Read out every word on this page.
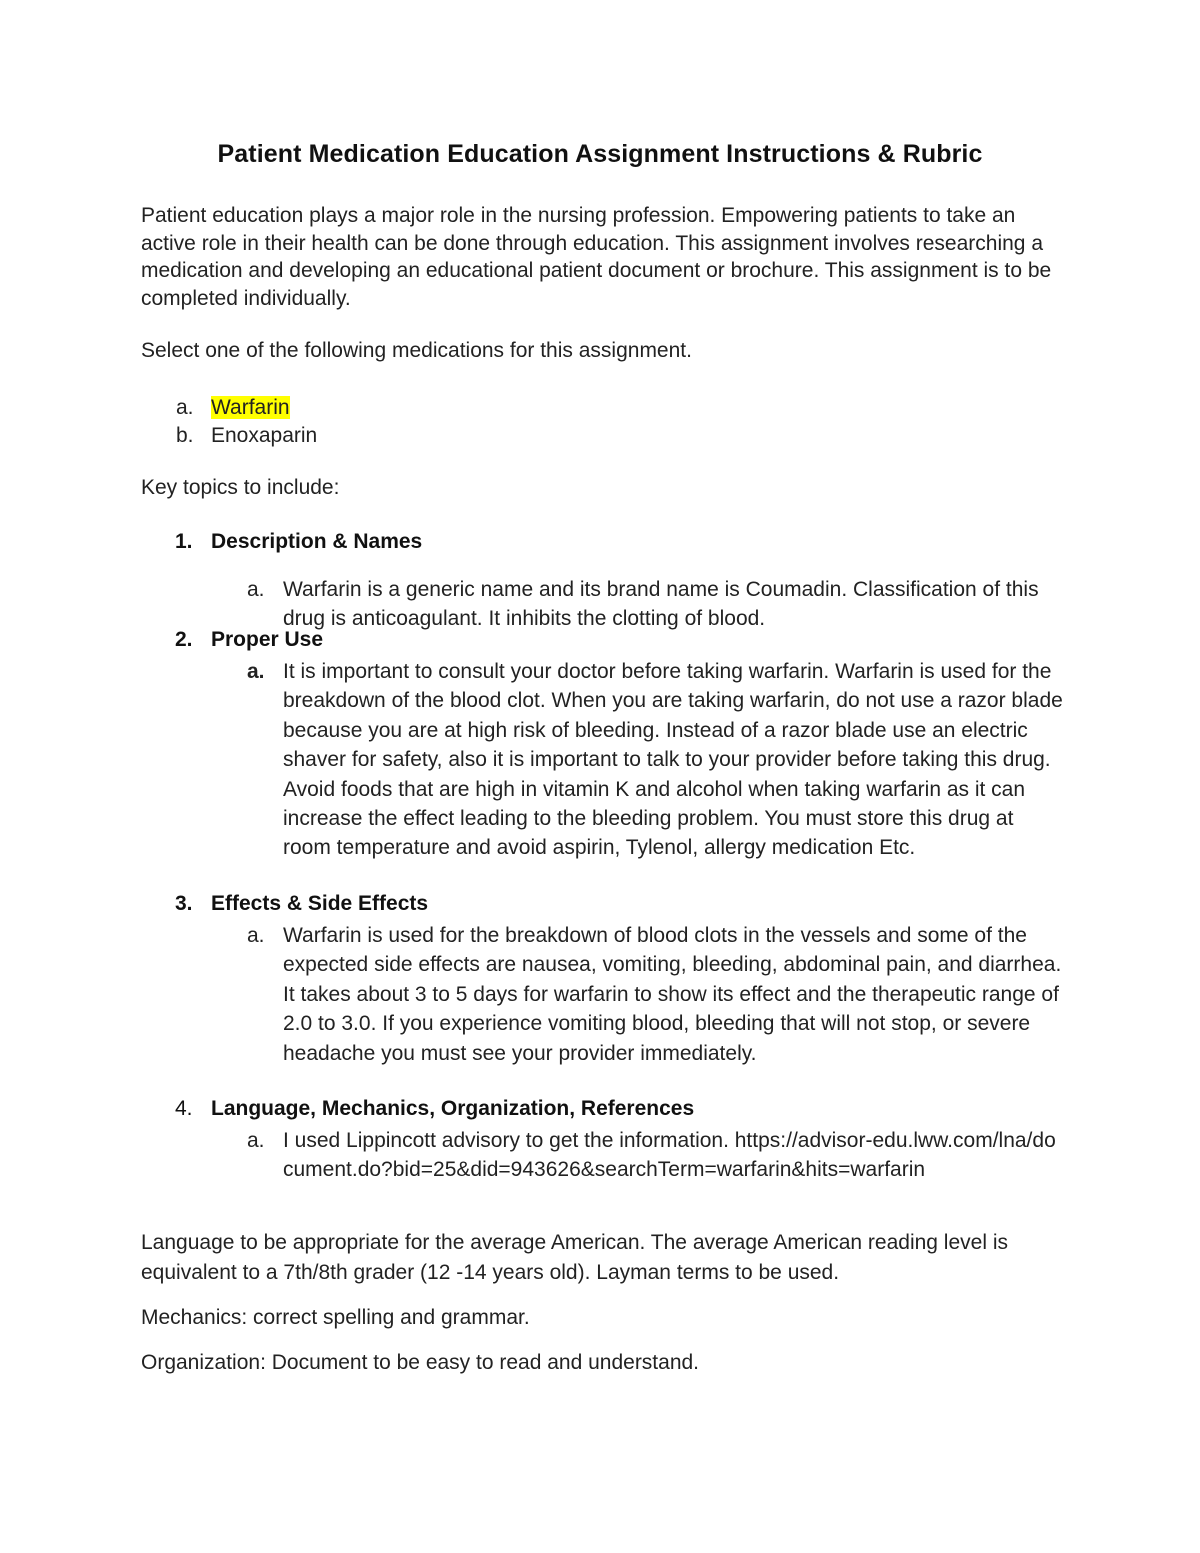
Patient Medication Education Assignment Instructions & Rubric
Patient education plays a major role in the nursing profession. Empowering patients to take an active role in their health can be done through education. This assignment involves researching a medication and developing an educational patient document or brochure. This assignment is to be completed individually.
Select one of the following medications for this assignment.
a. Warfarin
b. Enoxaparin
Key topics to include:
1. Description & Names
a. Warfarin is a generic name and its brand name is Coumadin. Classification of this drug is anticoagulant. It inhibits the clotting of blood.
2. Proper Use
a. It is important to consult your doctor before taking warfarin. Warfarin is used for the breakdown of the blood clot. When you are taking warfarin, do not use a razor blade because you are at high risk of bleeding. Instead of a razor blade use an electric shaver for safety, also it is important to talk to your provider before taking this drug. Avoid foods that are high in vitamin K and alcohol when taking warfarin as it can increase the effect leading to the bleeding problem. You must store this drug at room temperature and avoid aspirin, Tylenol, allergy medication Etc.
3. Effects & Side Effects
a. Warfarin is used for the breakdown of blood clots in the vessels and some of the expected side effects are nausea, vomiting, bleeding, abdominal pain, and diarrhea. It takes about 3 to 5 days for warfarin to show its effect and the therapeutic range of 2.0 to 3.0. If you experience vomiting blood, bleeding that will not stop, or severe headache you must see your provider immediately.
4. Language, Mechanics, Organization, References
a. I used Lippincott advisory to get the information. https://advisor-edu.lww.com/lna/document.do?bid=25&did=943626&searchTerm=warfarin&hits=warfarin
Language to be appropriate for the average American. The average American reading level is equivalent to a 7th/8th grader (12 -14 years old). Layman terms to be used.
Mechanics: correct spelling and grammar.
Organization: Document to be easy to read and understand.
